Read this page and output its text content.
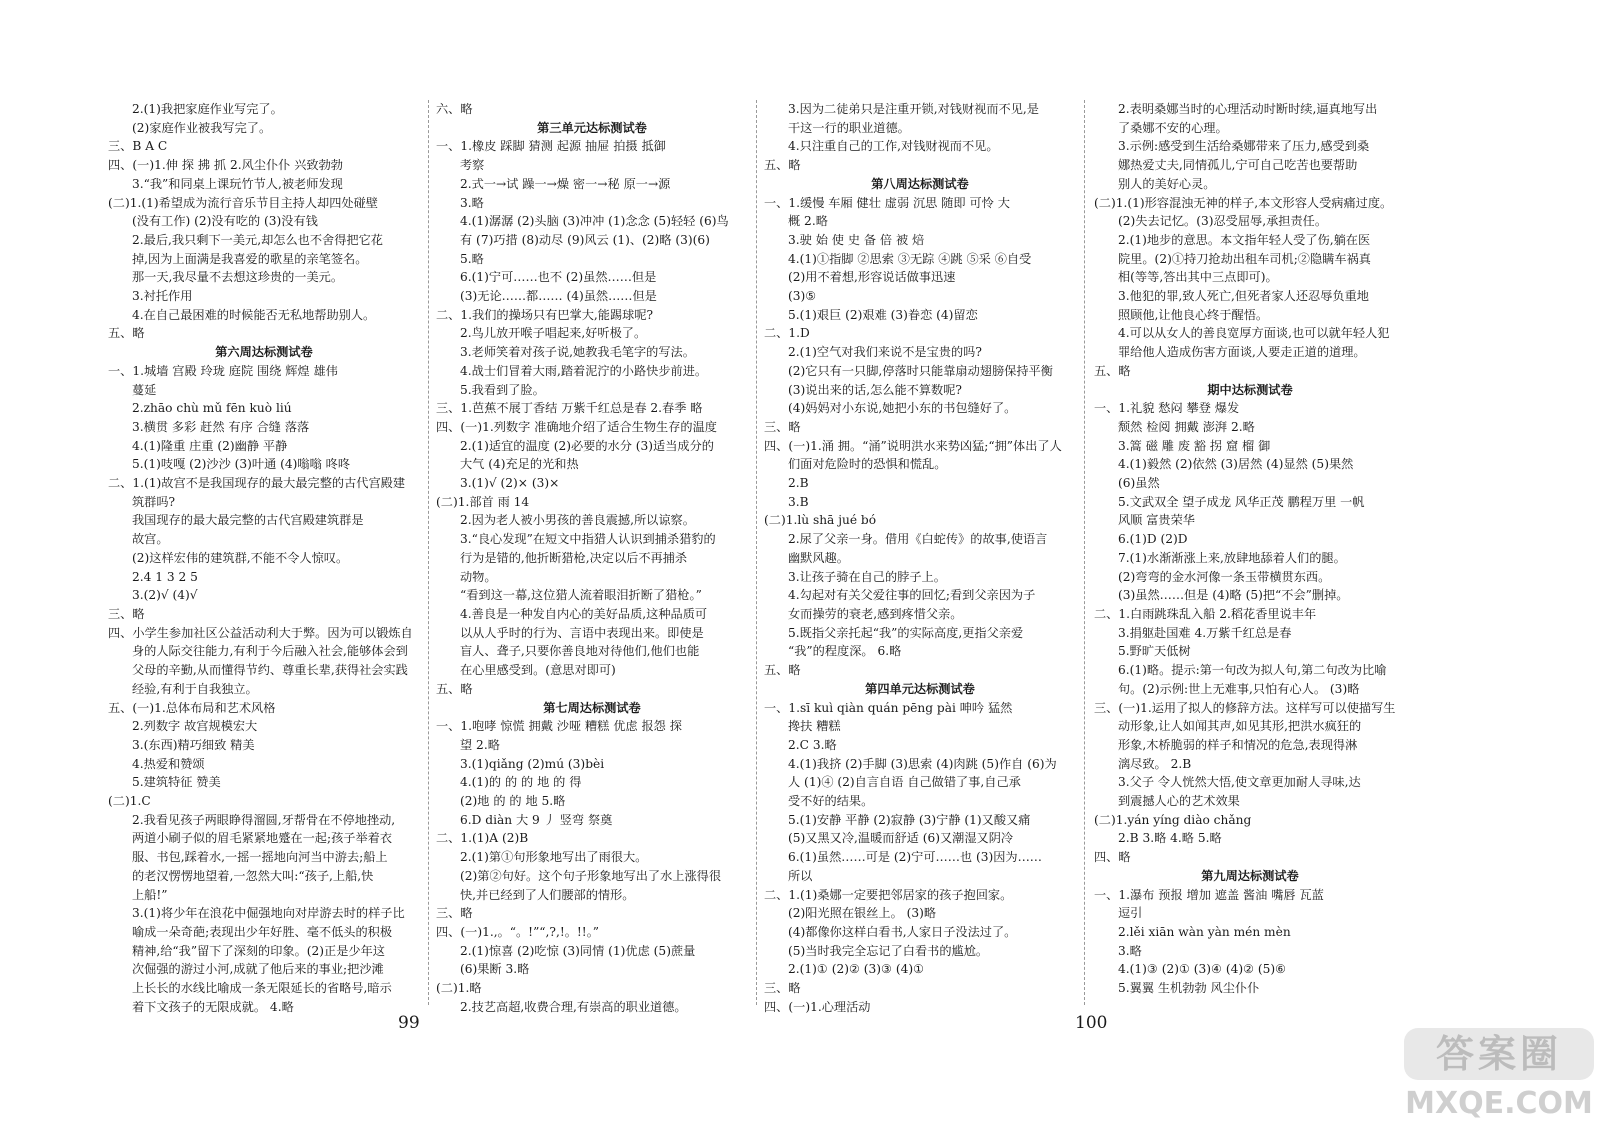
2.(1)我把家庭作业写完了。
(2)家庭作业被我写完了。
三、B A C
四、(一)1.伸 探 拂 抓 2.风尘仆仆 兴致勃勃
3.“我”和同桌上课玩竹节人,被老师发现
(二)1.(1)希望成为流行音乐节目主持人却四处碰壁
(没有工作) (2)没有吃的 (3)没有钱
2.最后,我只剩下一美元,却怎么也不舍得把它花
掉,因为上面满是我喜爱的歌星的亲笔签名。
那一天,我尽量不去想这珍贵的一美元。
3.衬托作用
4.在自己最困难的时候能否无私地帮助别人。
五、略
第六周达标测试卷
一、1.城墙 宫殿 玲珑 庭院 围绕 辉煌 雄伟
蔓延
2.zhāo chù mǔ fēn kuò liú
3.横贯 多彩 赶然 有序 合缝 落落
4.(1)隆重 庄重 (2)幽静 平静
5.(1)吱嘎 (2)沙沙 (3)叶通 (4)嗡嗡 咚咚
二、1.(1)故宫不是我国现存的最大最完整的古代宫殿建
筑群吗?
我国现存的最大最完整的古代宫殿建筑群是
故宫。
(2)这样宏伟的建筑群,不能不令人惊叹。
2.4 1 3 2 5
3.(2)√ (4)√
三、略
四、小学生参加社区公益活动利大于弊。因为可以锻炼自
身的人际交往能力,有利于今后融入社会,能够体会到
父母的辛勤,从而懂得节约、尊重长辈,获得社会实践
经验,有利于自我独立。
五、(一)1.总体布局和艺术风格
2.列数字 故宫规模宏大
3.(东西)精巧细致 精美
4.热爱和赞颂
5.建筑特征 赞美
(二)1.C
2.我看见孩子两眼睁得溜圆,牙帮骨在不停地挫动,
两道小刷子似的眉毛紧紧地蹙在一起;孩子举着衣
服、书包,踩着水,一摇一摇地向河当中游去;船上
的老汉愣愣地望着,一忽然大叫:“孩子,上船,快
上船!”
3.(1)将少年在浪花中倔强地向对岸游去时的样子比
喻成一朵奇葩;表现出少年好胜、毫不低头的积极
精神,给“我”留下了深刻的印象。(2)正是少年这
次倔强的游过小河,成就了他后来的事业;把沙滩
上长长的水线比喻成一条无限延长的省略号,暗示
着下文孩子的无限成就。 4.略
六、略
第三单元达标测试卷
一、1.橡皮 踩脚 猜测 起源 抽屉 拍摄 抵御
考察
2.式一→试 躁一→燥 密一→秘 原一→源
3.略
4.(1)潺潺 (2)头脑 (3)冲冲 (1)念念 (5)轻轻 (6)鸟
有 (7)巧措 (8)动尽 (9)风云 (1)、(2)略 (3)(6)
5.略
6.(1)宁可……也不 (2)虽然……但是
(3)无论……都…… (4)虽然……但是
二、1.我们的操场只有巴掌大,能踢球呢?
2.鸟儿放开喉子唱起来,好听极了。
3.老师笑着对孩子说,她教我毛笔字的写法。
4.战士们冒着大雨,踏着泥泞的小路快步前进。
5.我看到了脸。
三、1.芭蕉不展丁香结 万紫千红总是春 2.春季 略
四、(一)1.列数字 准确地介绍了适合生物生存的温度
2.(1)适宜的温度 (2)必要的水分 (3)适当成分的
大气 (4)充足的光和热
3.(1)√ (2)× (3)×
(二)1.部首 雨 14
2.因为老人被小男孩的善良震撼,所以谅察。
3.“良心发现”在短文中指猎人认识到捕杀猎豹的
行为是错的,他折断猎枪,决定以后不再捕杀
动物。
“看到这一幕,这位猎人流着眼泪折断了猎枪。”
4.善良是一种发自内心的美好品质,这种品质可
以从人乎时的行为、言语中表现出来。即使是
盲人、聋子,只要你善良地对待他们,他们也能
在心里感受到。(意思对即可)
五、略
第七周达标测试卷
一、1.咆哮 惊慌 拥戴 沙哑 糟糕 优虑 报怨 探
望 2.略
3.(1)qiǎng (2)mú (3)bèi
4.(1)的 的 的 地 的 得
(2)地 的 的 地 5.略
6.D diàn 大 9 丿 竖弯 祭奠
二、1.(1)A (2)B
2.(1)第①句形象地写出了雨很大。
(2)第②句好。这个句子形象地写出了水上涨得很
快,并已经到了人们腰部的情形。
三、略
四、(一)1.,。“。!”“,?,!。!!。”
2.(1)惊喜 (2)吃惊 (3)同情 (1)优虑 (5)蔗量
(6)果断 3.略
(二)1.略
2.技艺高超,收费合理,有崇高的职业道德。
3.因为二徒弟只是注重开锁,对钱财视而不见,是
干这一行的职业道德。
4.只注重自己的工作,对钱财视而不见。
五、略
第八周达标测试卷
一、1.缓慢 车厢 健壮 虚弱 沉思 随即 可怜 大
概 2.略
3.驶 始 使 史 备 倍 被 焙
4.(1)①指脚 ②思索 ③无踪 ④跳 ⑤采 ⑥自受
(2)用不着想,形容说话做事迅速
(3)⑤
5.(1)艰巨 (2)艰难 (3)眷恋 (4)留恋
二、1.D
2.(1)空气对我们来说不是宝贵的吗?
(2)它只有一只脚,停落时只能靠扇动翅膀保持平衡
(3)说出来的话,怎么能不算数呢?
(4)妈妈对小东说,她把小东的书包缝好了。
三、略
四、(一)1.涌 拥。“涌”说明洪水来势凶猛;“拥”体出了人
们面对危险时的恐惧和慌乱。
2.B
3.B
(二)1.lù shā jué bó
2.尿了父亲一身。借用《白蛇传》的故事,使语言
幽默风趣。
3.让孩子骑在自己的脖子上。
4.勾起对有关父爱往事的回忆;看到父亲因为子
女而操劳的衰老,感到疼惜父亲。
5.既指父亲托起“我”的实际高度,更指父亲爱
“我”的程度深。 6.略
五、略
第四单元达标测试卷
一、1.sī kuì qiàn quán pēng pài 呻吟 猛然
搀扶 糟糕
2.C 3.略
4.(1)我挤 (2)手脚 (3)思索 (4)肉跳 (5)作自 (6)为
人 (1)④ (2)自言自语 自己做错了事,自己承
受不好的结果。
5.(1)安静 平静 (2)寂静 (3)宁静 (1)又酸又痛
(5)又黑又冷,温暖而舒适 (6)又潮湿又阴冷
6.(1)虽然……可是 (2)宁可……也 (3)因为……
所以
二、1.(1)桑娜一定要把邻居家的孩子抱回家。
(2)阳光照在银丝上。 (3)略
(4)都像你这样白看书,人家日子没法过了。
(5)当时我完全忘记了白看书的尴尬。
2.(1)① (2)② (3)③ (4)①
三、略
四、(一)1.心理活动
2.表明桑娜当时的心理活动时断时续,逼真地写出
了桑娜不安的心理。
3.示例:感受到生活给桑娜带来了压力,感受到桑
娜热爱丈夫,同情孤儿,宁可自己吃苦也要帮助
别人的美好心灵。
(二)1.(1)形容混浊无神的样子,本文形容人受病痛过度。
(2)失去记忆。(3)忍受屈辱,承担责任。
2.(1)地步的意思。本文指年轻人受了伤,躺在医
院里。(2)①持刀抢劫出租车司机;②隐瞒车祸真
相(等等,答出其中三点即可)。
3.他犯的罪,致人死亡,但死者家人还忍辱负重地
照顾他,让他良心终于醒悟。
4.可以从女人的善良宽厚方面谈,也可以就年轻人犯
罪给他人造成伤害方面谈,人要走正道的道理。
五、略
期中达标测试卷
一、1.礼貌 愁闷 攀登 爆发
颓然 检阅 拥戴 澎湃 2.略
3.篙 磁 雕 废 豁 拐 窟 榴 御
4.(1)毅然 (2)依然 (3)居然 (4)显然 (5)果然
(6)虽然
5.文武双全 望子成龙 风华正茂 鹏程万里 一帆
风顺 富贵荣华
6.(1)D (2)D
7.(1)水渐渐涨上来,放肆地舔着人们的腿。
(2)弯弯的金水河像一条玉带横贯东西。
(3)虽然……但是 (4)略 (5)把“不会”删掉。
二、1.白雨跳珠乱入船 2.稻花香里说丰年
3.捐躯赴国难 4.万紫千红总是春
5.野旷天低树
6.(1)略。提示:第一句改为拟人句,第二句改为比喻
句。(2)示例:世上无难事,只怕有心人。 (3)略
三、(一)1.运用了拟人的修辞方法。这样写可以使描写生
动形象,让人如闻其声,如见其形,把洪水疯狂的
形象,木桥脆弱的样子和情况的危急,表现得淋
漓尽致。 2.B
3.父子 令人恍然大悟,使文章更加耐人寻味,达
到震撼人心的艺术效果
(二)1.yán yíng diào chǎng
2.B 3.略 4.略 5.略
四、略
第九周达标测试卷
一、1.瀑布 预报 增加 遮盖 酱油 嘴唇 瓦蓝
逗引
2.lěi xiān wàn yàn mén mèn
3.略
4.(1)③ (2)① (3)④ (4)② (5)⑥
5.翼翼 生机勃勃 风尘仆仆
99	100
答案圈
MXQE.COM
